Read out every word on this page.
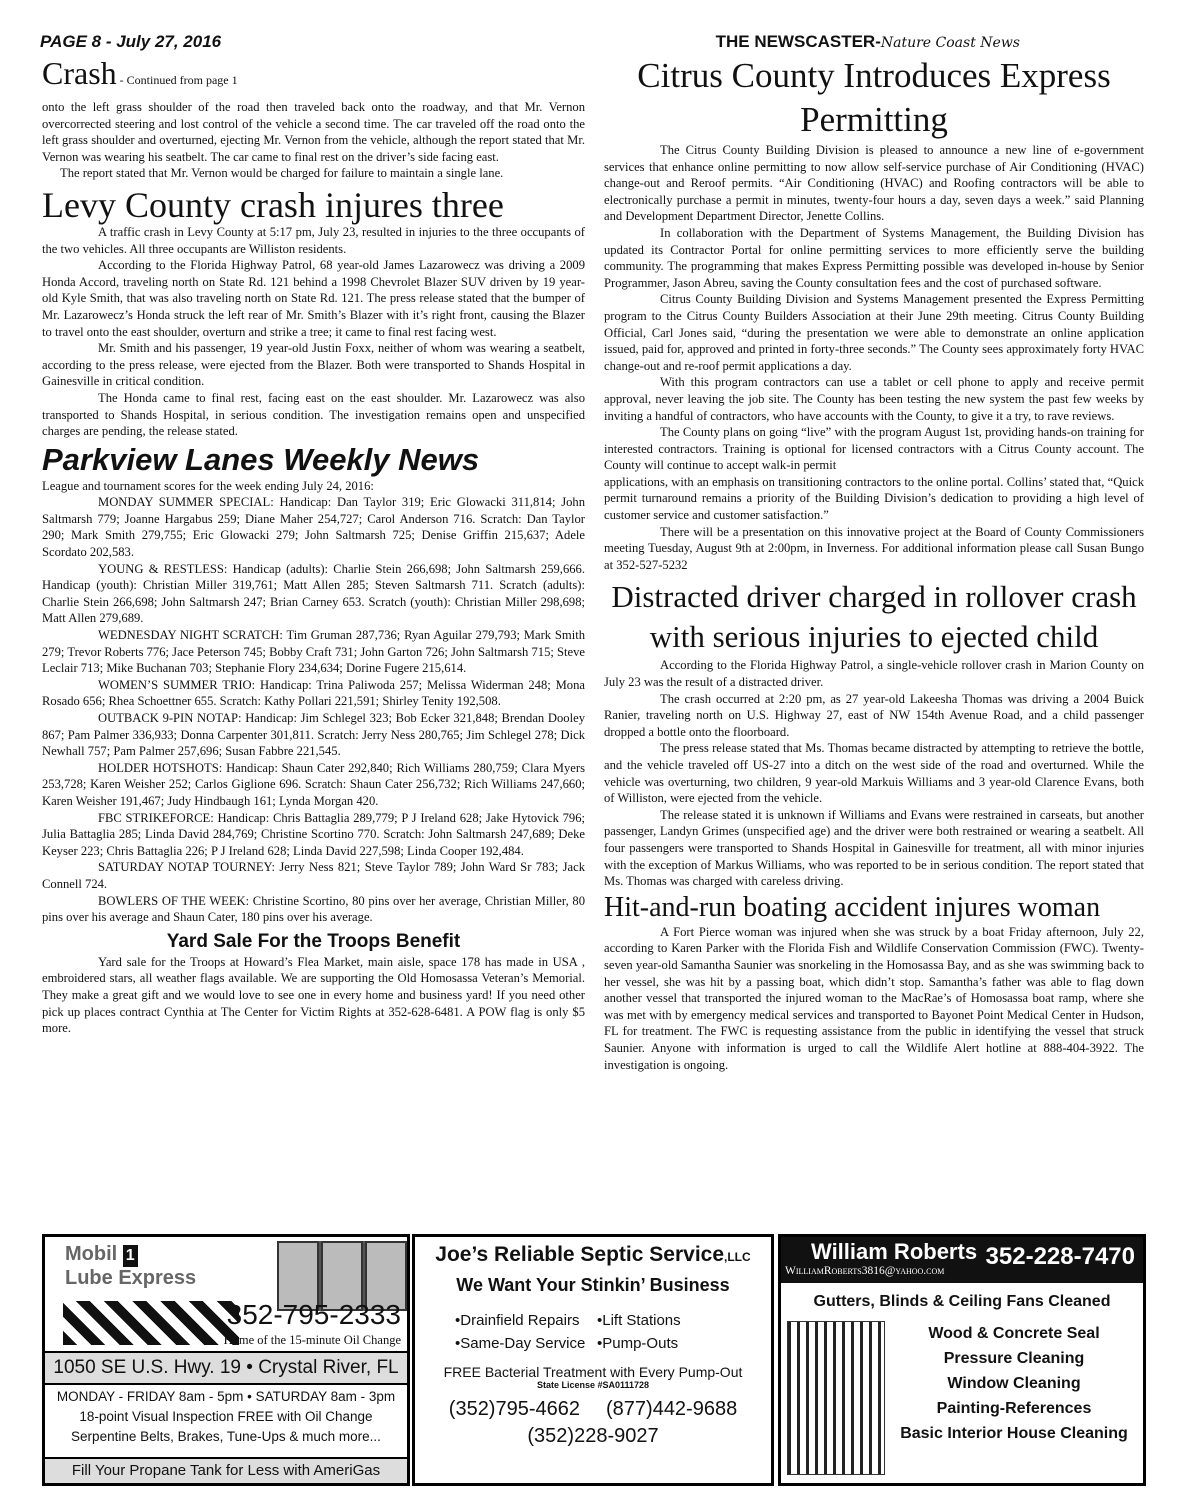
PAGE 8 - July 27, 2016	THE NEWSCASTER-Nature Coast News
Crash - Continued from page 1

onto the left grass shoulder of the road then traveled back onto the roadway, and that Mr. Vernon overcorrected steering and lost control of the vehicle a second time. The car traveled off the road onto the left grass shoulder and overturned, ejecting Mr. Vernon from the vehicle, although the report stated that Mr. Vernon was wearing his seatbelt. The car came to final rest on the driver’s side facing east.

The report stated that Mr. Vernon would be charged for failure to maintain a single lane.

Levy County crash injures three

A traffic crash in Levy County at 5:17 pm, July 23, resulted in injuries to the three occupants of the two vehicles. All three occupants are Williston residents.

According to the Florida Highway Patrol, 68 year-old James Lazarowecz was driving a 2009 Honda Accord, traveling north on State Rd. 121 behind a 1998 Chevrolet Blazer SUV driven by 19 year-old Kyle Smith, that was also traveling north on State Rd. 121. The press release stated that the bumper of Mr. Lazarowecz’s Honda struck the left rear of Mr. Smith’s Blazer with it’s right front, causing the Blazer to travel onto the east shoulder, overturn and strike a tree; it came to final rest facing west.

Mr. Smith and his passenger, 19 year-old Justin Foxx, neither of whom was wearing a seatbelt, according to the press release, were ejected from the Blazer. Both were transported to Shands Hospital in Gainesville in critical condition.

The Honda came to final rest, facing east on the east shoulder. Mr. Lazarowecz was also transported to Shands Hospital, in serious condition. The investigation remains open and unspecified charges are pending, the release stated.

Parkview Lanes Weekly News

League and tournament scores for the week ending July 24, 2016:

MONDAY SUMMER SPECIAL: Handicap: Dan Taylor 319; Eric Glowacki 311,814; John Saltmarsh 779; Joanne Hargabus 259; Diane Maher 254,727; Carol Anderson 716. Scratch: Dan Taylor 290; Mark Smith 279,755; Eric Glowacki 279; John Saltmarsh 725; Denise Griffin 215,637; Adele Scordato 202,583.

YOUNG & RESTLESS: Handicap (adults): Charlie Stein 266,698; John Saltmarsh 259,666. Handicap (youth): Christian Miller 319,761; Matt Allen 285; Steven Saltmarsh 711. Scratch (adults): Charlie Stein 266,698; John Saltmarsh 247; Brian Carney 653. Scratch (youth): Christian Miller 298,698; Matt Allen 279,689.

WEDNESDAY NIGHT SCRATCH: Tim Gruman 287,736; Ryan Aguilar 279,793; Mark Smith 279; Trevor Roberts 776; Jace Peterson 745; Bobby Craft 731; John Garton 726; John Saltmarsh 715; Steve Leclair 713; Mike Buchanan 703; Stephanie Flory 234,634; Dorine Fugere 215,614.

WOMEN’S SUMMER TRIO: Handicap: Trina Paliwoda 257; Melissa Widerman 248; Mona Rosado 656; Rhea Schoettner 655. Scratch: Kathy Pollari 221,591; Shirley Tenity 192,508.

OUTBACK 9-PIN NOTAP: Handicap: Jim Schlegel 323; Bob Ecker 321,848; Brendan Dooley 867; Pam Palmer 336,933; Donna Carpenter 301,811. Scratch: Jerry Ness 280,765; Jim Schlegel 278; Dick Newhall 757; Pam Palmer 257,696; Susan Fabbre 221,545.

HOLDER HOTSHOTS: Handicap: Shaun Cater 292,840; Rich Williams 280,759; Clara Myers 253,728; Karen Weisher 252; Carlos Giglione 696. Scratch: Shaun Cater 256,732; Rich Williams 247,660; Karen Weisher 191,467; Judy Hindbaugh 161; Lynda Morgan 420.

FBC STRIKEFORCE: Handicap: Chris Battaglia 289,779; P J Ireland 628; Jake Hytovick 796; Julia Battaglia 285; Linda David 284,769; Christine Scortino 770. Scratch: John Saltmarsh 247,689; Deke Keyser 223; Chris Battaglia 226; P J Ireland 628; Linda David 227,598; Linda Cooper 192,484.

SATURDAY NOTAP TOURNEY: Jerry Ness 821; Steve Taylor 789; John Ward Sr 783; Jack Connell 724.

BOWLERS OF THE WEEK: Christine Scortino, 80 pins over her average, Christian Miller, 80 pins over his average and Shaun Cater, 180 pins over his average.

Yard Sale For the Troops Benefit

Yard sale for the Troops at Howard’s Flea Market, main aisle, space 178 has made in USA , embroidered stars, all weather flags available. We are supporting the Old Homosassa Veteran’s Memorial. They make a great gift and we would love to see one in every home and business yard! If you need other pick up places contract Cynthia at The Center for Victim Rights at 352-628-6481. A POW flag is only $5 more.

Citrus County Introduces Express Permitting

The Citrus County Building Division is pleased to announce a new line of e-government services that enhance online permitting to now allow self-service purchase of Air Conditioning (HVAC) change-out and Reroof permits. “Air Conditioning (HVAC) and Roofing contractors will be able to electronically purchase a permit in minutes, twenty-four hours a day, seven days a week.” said Planning and Development Department Director, Jenette Collins.

In collaboration with the Department of Systems Management, the Building Division has updated its Contractor Portal for online permitting services to more efficiently serve the building community. The programming that makes Express Permitting possible was developed in-house by Senior Programmer, Jason Abreu, saving the County consultation fees and the cost of purchased software.

Citrus County Building Division and Systems Management presented the Express Permitting program to the Citrus County Builders Association at their June 29th meeting. Citrus County Building Official, Carl Jones said, “during the presentation we were able to demonstrate an online application issued, paid for, approved and printed in forty-three seconds.” The County sees approximately forty HVAC change-out and re-roof permit applications a day.

With this program contractors can use a tablet or cell phone to apply and receive permit approval, never leaving the job site. The County has been testing the new system the past few weeks by inviting a handful of contractors, who have accounts with the County, to give it a try, to rave reviews.

The County plans on going “live” with the program August 1st, providing hands-on training for interested contractors. Training is optional for licensed contractors with a Citrus County account. The County will continue to accept walk-in permit

applications, with an emphasis on transitioning contractors to the online portal. Collins’ stated that, “Quick permit turnaround remains a priority of the Building Division’s dedication to providing a high level of customer service and customer satisfaction.”

There will be a presentation on this innovative project at the Board of County Commissioners meeting Tuesday, August 9th at 2:00pm, in Inverness. For additional information please call Susan Bungo at 352-527-5232

Distracted driver charged in rollover crash with serious injuries to ejected child

According to the Florida Highway Patrol, a single-vehicle rollover crash in Marion County on July 23 was the result of a distracted driver.

The crash occurred at 2:20 pm, as 27 year-old Lakeesha Thomas was driving a 2004 Buick Ranier, traveling north on U.S. Highway 27, east of NW 154th Avenue Road, and a child passenger dropped a bottle onto the floorboard.

The press release stated that Ms. Thomas became distracted by attempting to retrieve the bottle, and the vehicle traveled off US-27 into a ditch on the west side of the road and overturned. While the vehicle was overturning, two children, 9 year-old Markuis Williams and 3 year-old Clarence Evans, both of Williston, were ejected from the vehicle.

The release stated it is unknown if Williams and Evans were restrained in carseats, but another passenger, Landyn Grimes (unspecified age) and the driver were both restrained or wearing a seatbelt. All four passengers were transported to Shands Hospital in Gainesville for treatment, all with minor injuries with the exception of Markus Williams, who was reported to be in serious condition. The report stated that Ms. Thomas was charged with careless driving.

Hit-and-run boating accident injures woman

A Fort Pierce woman was injured when she was struck by a boat Friday afternoon, July 22, according to Karen Parker with the Florida Fish and Wildlife Conservation Commission (FWC). Twenty-seven year-old Samantha Saunier was snorkeling in the Homosassa Bay, and as she was swimming back to her vessel, she was hit by a passing boat, which didn’t stop. Samantha’s father was able to flag down another vessel that transported the injured woman to the MacRae’s of Homosassa boat ramp, where she was met with by emergency medical services and transported to Bayonet Point Medical Center in Hudson, FL for treatment. The FWC is requesting assistance from the public in identifying the vessel that struck Saunier. Anyone with information is urged to call the Wildlife Alert hotline at 888-404-3922. The investigation is ongoing.

Mobil 1
Lube Express
352-795-2333
Home of the 15-minute Oil Change
1050 SE U.S. Hwy. 19 • Crystal River, FL
MONDAY - FRIDAY 8am - 5pm • SATURDAY 8am - 3pm
18-point Visual Inspection FREE with Oil Change
Serpentine Belts, Brakes, Tune-Ups & much more...
Fill Your Propane Tank for Less with AmeriGas
Joe’s Reliable Septic Service,LLC
We Want Your Stinkin’ Business
•Drainfield Repairs	•Lift Stations
•Same-Day Service •Pump-Outs
FREE Bacterial Treatment with Every Pump-Out
State License #SA0111728
(352)795-4662 (877)442-9688
(352)228-9027
William Roberts
WilliamRoberts3816@yahoo.com
352-228-7470
Gutters, Blinds & Ceiling Fans Cleaned
Wood & Concrete Seal
Pressure Cleaning
Window Cleaning
Painting-References
Basic Interior House Cleaning
